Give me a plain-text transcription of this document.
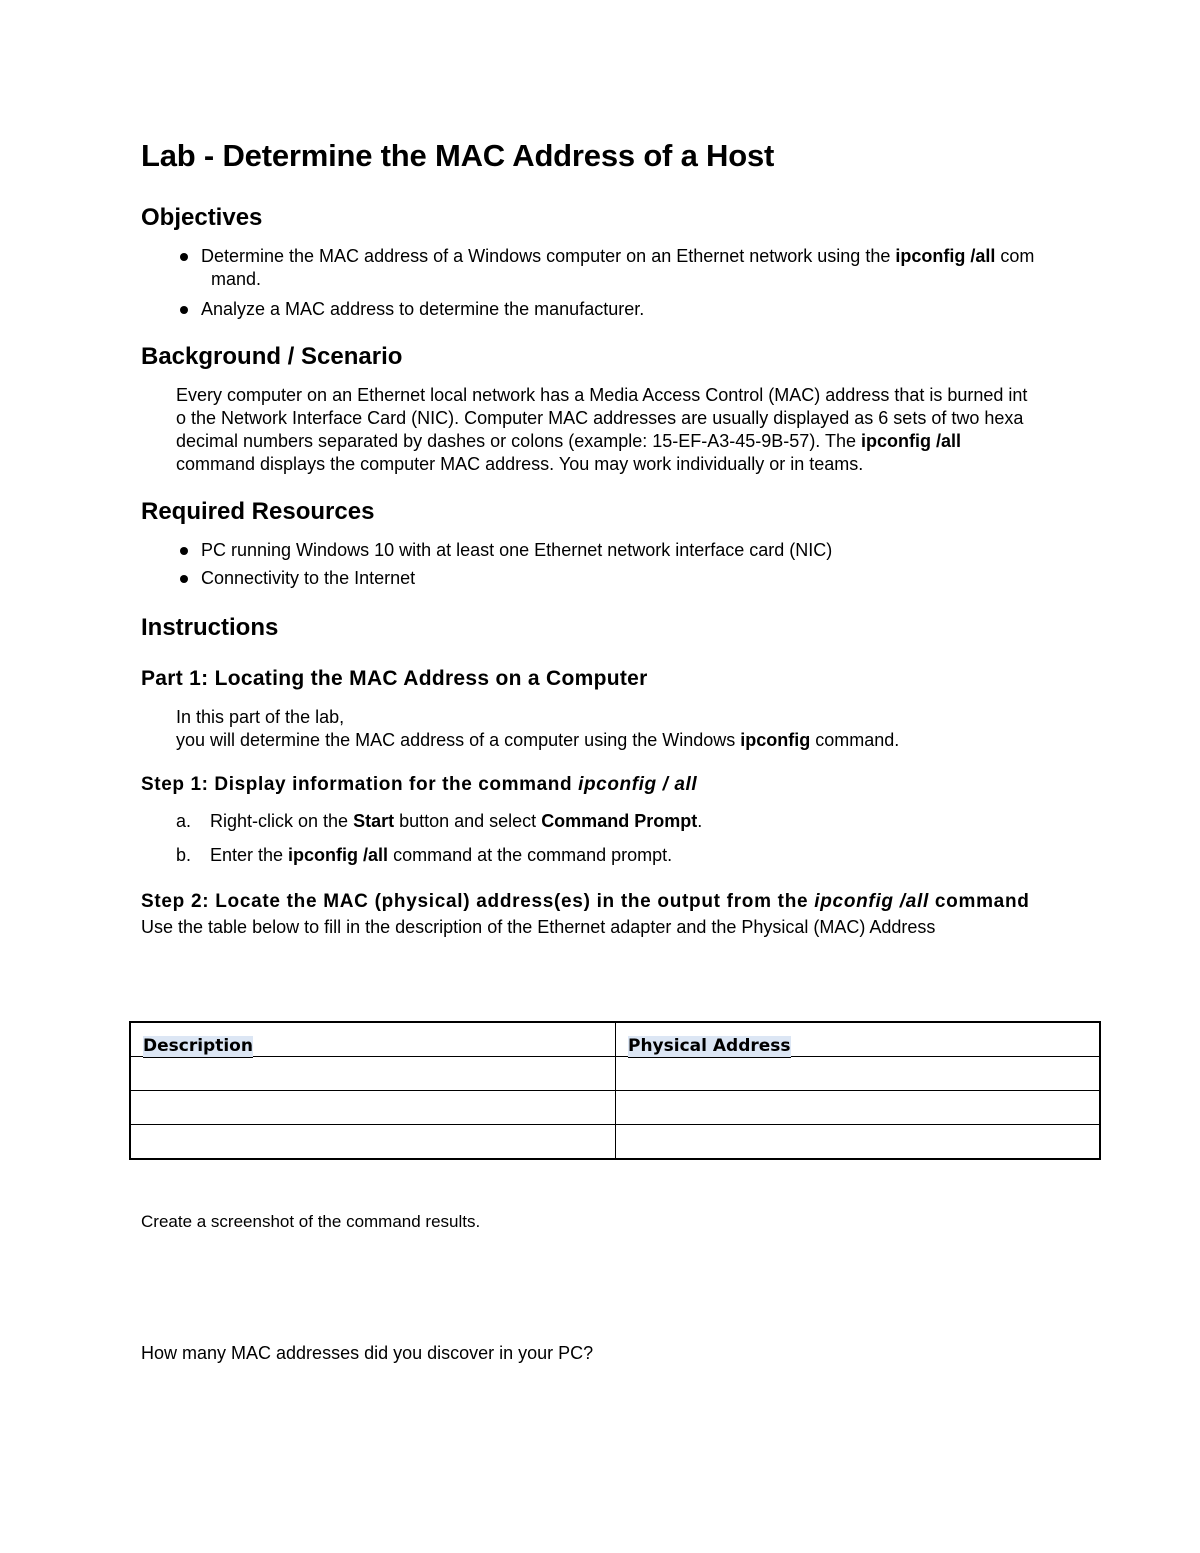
Lab - Determine the MAC Address of a Host
Objectives
Determine the MAC address of a Windows computer on an Ethernet network using the ipconfig /all com
mand.
Analyze a MAC address to determine the manufacturer.
Background / Scenario
Every computer on an Ethernet local network has a Media Access Control (MAC) address that is burned int
o the Network Interface Card (NIC). Computer MAC addresses are usually displayed as 6 sets of two hexa
decimal numbers separated by dashes or colons (example: 15-EF-A3-45-9B-57). The ipconfig /all
command displays the computer MAC address. You may work individually or in teams.
Required Resources
PC running Windows 10 with at least one Ethernet network interface card (NIC)
Connectivity to the Internet
Instructions
Part 1: Locating the MAC Address on a Computer
In this part of the lab,
you will determine the MAC address of a computer using the Windows ipconfig command.
Step 1: Display information for the command ipconfig / all
a. Right-click on the Start button and select Command Prompt.
b. Enter the ipconfig /all command at the command prompt.
Step 2: Locate the MAC (physical) address(es) in the output from the ipconfig /all command
Use the table below to fill in the description of the Ethernet adapter and the Physical (MAC) Address
Description	Physical Address

Create a screenshot of the command results.
How many MAC addresses did you discover in your PC?
